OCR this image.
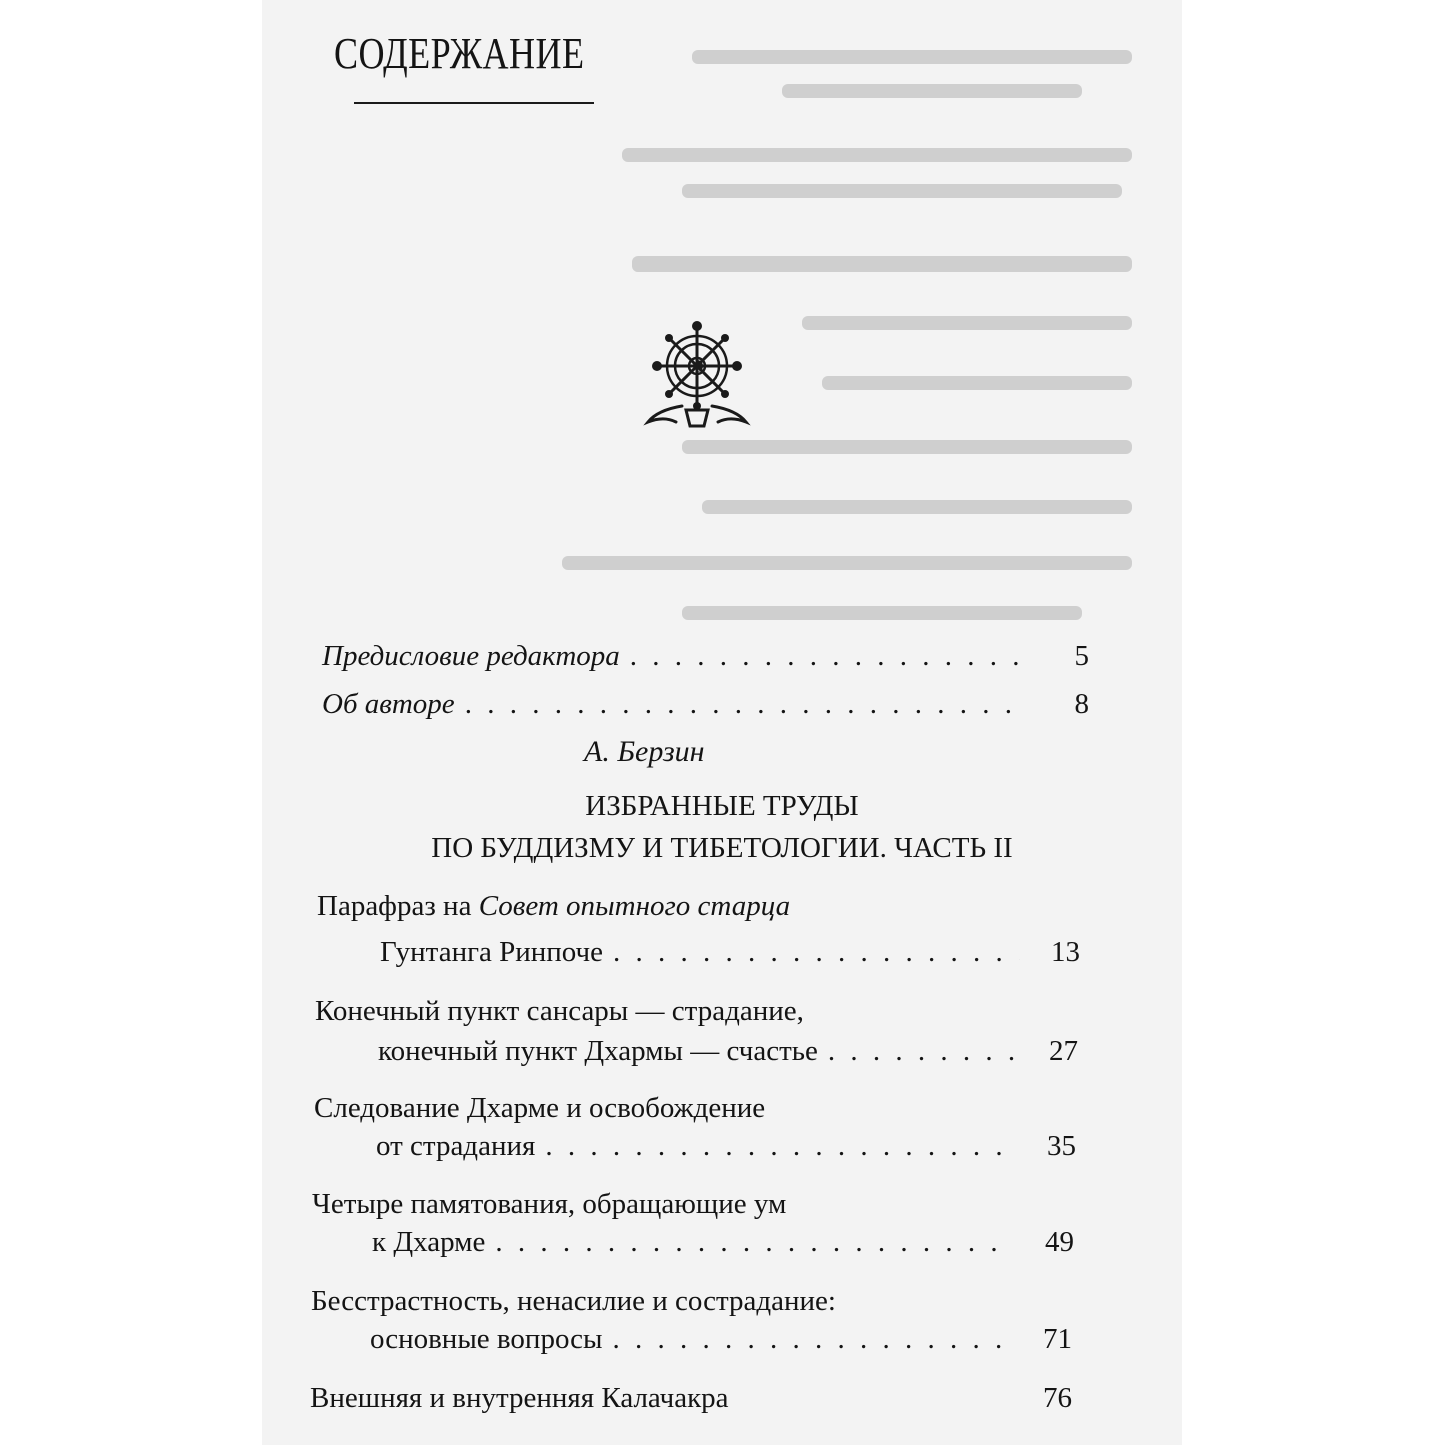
СОДЕРЖАНИЕ
Предисловие редактора . . .	5
Об авторе . . .	8
А. Берзин
ИЗБРАННЫЕ ТРУДЫ
ПО БУДДИЗМУ И ТИБЕТОЛОГИИ. ЧАСТЬ II
Парафраз на Совет опытного старца
Гунтанга Ринпоче . . .	13
Конечный пункт сансары — страдание,
конечный пункт Дхармы — счастье . . .	27
Следование Дхарме и освобождение
от страдания . . .	35
Четыре памятования, обращающие ум
к Дхарме . . .	49
Бесстрастность, ненасилие и сострадание:
основные вопросы . . .	71
Внешняя и внутренняя Калачакра	76
